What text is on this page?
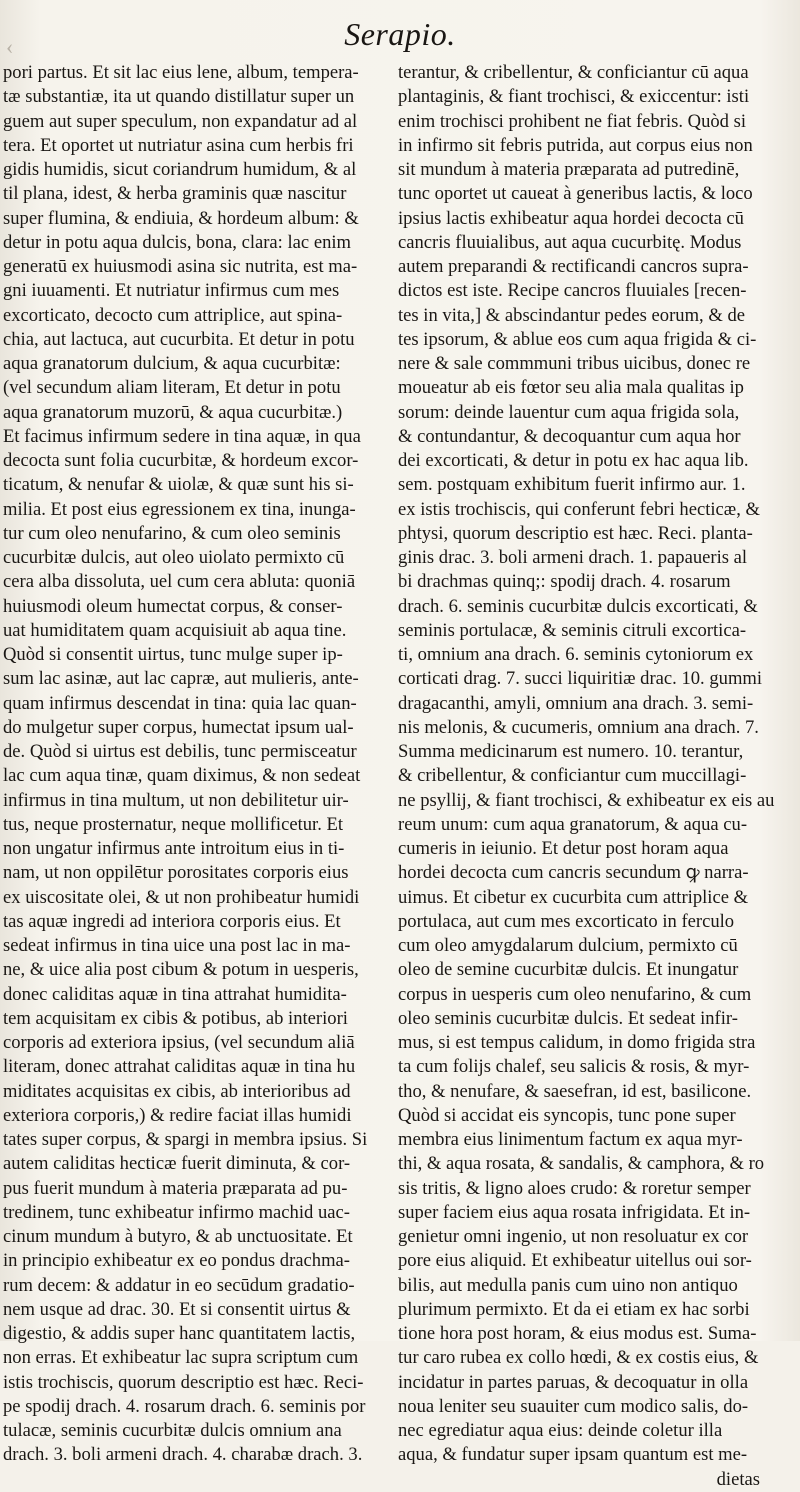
‹	Serapio.
pori partus. Et sit lac eius lene, album, tempera-
tæ substantiæ, ita ut quando distillatur super un
guem aut super speculum, non expandatur ad al
tera. Et oportet ut nutriatur asina cum herbis fri
gidis humidis, sicut coriandrum humidum, & al
til plana, idest, & herba graminis quæ nascitur
super flumina, & endiuia, & hordeum album: &
detur in potu aqua dulcis, bona, clara: lac enim
generatū ex huiusmodi asina sic nutrita, est ma-
gni iuuamenti. Et nutriatur infirmus cum mes
excorticato, decocto cum attriplice, aut spina-
chia, aut lactuca, aut cucurbita. Et detur in potu
aqua granatorum dulcium, & aqua cucurbitæ:
(vel secundum aliam literam, Et detur in potu
aqua granatorum muzorū, & aqua cucurbitæ.)
Et facimus infirmum sedere in tina aquæ, in qua
decocta sunt folia cucurbitæ, & hordeum excor-
ticatum, & nenufar & uiolæ, & quæ sunt his si-
milia. Et post eius egressionem ex tina, inunga-
tur cum oleo nenufarino, & cum oleo seminis
cucurbitæ dulcis, aut oleo uiolato permixto cū
cera alba dissoluta, uel cum cera abluta: quoniā
huiusmodi oleum humectat corpus, & conser-
uat humiditatem quam acquisiuit ab aqua tine.
Quòd si consentit uirtus, tunc mulge super ip-
sum lac asinæ, aut lac capræ, aut mulieris, ante-
quam infirmus descendat in tina: quia lac quan-
do mulgetur super corpus, humectat ipsum ual-
de. Quòd si uirtus est debilis, tunc permisceatur
lac cum aqua tinæ, quam diximus, & non sedeat
infirmus in tina multum, ut non debilitetur uir-
tus, neque prosternatur, neque mollificetur. Et
non ungatur infirmus ante introitum eius in ti-
nam, ut non oppilētur porositates corporis eius
ex uiscositate olei, & ut non prohibeatur humidi
tas aquæ ingredi ad interiora corporis eius. Et
sedeat infirmus in tina uice una post lac in ma-
ne, & uice alia post cibum & potum in uesperis,
donec caliditas aquæ in tina attrahat humidita-
tem acquisitam ex cibis & potibus, ab interiori
corporis ad exteriora ipsius, (vel secundum aliā
literam, donec attrahat caliditas aquæ in tina hu
miditates acquisitas ex cibis, ab interioribus ad
exteriora corporis,) & redire faciat illas humidi
tates super corpus, & spargi in membra ipsius. Si
autem caliditas hecticæ fuerit diminuta, & cor-
pus fuerit mundum à materia præparata ad pu-
tredinem, tunc exhibeatur infirmo machid uac-
cinum mundum à butyro, & ab unctuositate. Et
in principio exhibeatur ex eo pondus drachma-
rum decem: & addatur in eo secūdum gradatio-
nem usque ad drac. 30. Et si consentit uirtus &
digestio, & addis super hanc quantitatem lactis,
non erras. Et exhibeatur lac supra scriptum cum
istis trochiscis, quorum descriptio est hæc. Reci-
pe spodij drach. 4. rosarum drach. 6. seminis por
tulacæ, seminis cucurbitæ dulcis omnium ana
drach. 3. boli armeni drach. 4. charabæ drach. 3.
terantur, & cribellentur, & conficiantur cū aqua
plantaginis, & fiant trochisci, & exiccentur: isti
enim trochisci prohibent ne fiat febris. Quòd si
in infirmo sit febris putrida, aut corpus eius non
sit mundum à materia præparata ad putredinē,
tunc oportet ut caueat à generibus lactis, & loco
ipsius lactis exhibeatur aqua hordei decocta cū
cancris fluuialibus, aut aqua cucurbitę. Modus
autem preparandi & rectificandi cancros supra-
dictos est iste. Recipe cancros fluuiales [recen-
tes in vita,] & abscindantur pedes eorum, & de
tes ipsorum, & ablue eos cum aqua frigida & ci-
nere & sale commmuni tribus uicibus, donec re
moueatur ab eis fœtor seu alia mala qualitas ip
sorum: deinde lauentur cum aqua frigida sola,
& contundantur, & decoquantur cum aqua hor
dei excorticati, & detur in potu ex hac aqua lib.
sem. postquam exhibitum fuerit infirmo aur. 1.
ex istis trochiscis, qui conferunt febri hecticæ, &
phtysi, quorum descriptio est hæc. Reci. planta-
ginis drac. 3. boli armeni drach. 1. papaueris al
bi drachmas quinq;: spodij drach. 4. rosarum
drach. 6. seminis cucurbitæ dulcis excorticati, &
seminis portulacæ, & seminis citruli excortica-
ti, omnium ana drach. 6. seminis cytoniorum ex
corticati drag. 7. succi liquiritiæ drac. 10. gummi
dragacanthi, amyli, omnium ana drach. 3. semi-
nis melonis, & cucumeris, omnium ana drach. 7.
Summa medicinarum est numero. 10. terantur,
& cribellentur, & conficiantur cum muccillagi-
ne psyllij, & fiant trochisci, & exhibeatur ex eis au
reum unum: cum aqua granatorum, & aqua cu-
cumeris in ieiunio. Et detur post horam aqua
hordei decocta cum cancris secundum ꝙ narra-
uimus. Et cibetur ex cucurbita cum attriplice &
portulaca, aut cum mes excorticato in ferculo
cum oleo amygdalarum dulcium, permixto cū
oleo de semine cucurbitæ dulcis. Et inungatur
corpus in uesperis cum oleo nenufarino, & cum
oleo seminis cucurbitæ dulcis. Et sedeat infir-
mus, si est tempus calidum, in domo frigida stra
ta cum folijs chalef, seu salicis & rosis, & myr-
tho, & nenufare, & saesefran, id est, basilicone.
Quòd si accidat eis syncopis, tunc pone super
membra eius linimentum factum ex aqua myr-
thi, & aqua rosata, & sandalis, & camphora, & ro
sis tritis, & ligno aloes crudo: & roretur semper
super faciem eius aqua rosata infrigidata. Et in-
genietur omni ingenio, ut non resoluatur ex cor
pore eius aliquid. Et exhibeatur uitellus oui sor-
bilis, aut medulla panis cum uino non antiquo
plurimum permixto. Et da ei etiam ex hac sorbi
tione hora post horam, & eius modus est. Suma-
tur caro rubea ex collo hœdi, & ex costis eius, &
incidatur in partes paruas, & decoquatur in olla
noua leniter seu suauiter cum modico salis, do-
nec egrediatur aqua eius: deinde coletur illa
aqua, & fundatur super ipsam quantum est me-
dietas
